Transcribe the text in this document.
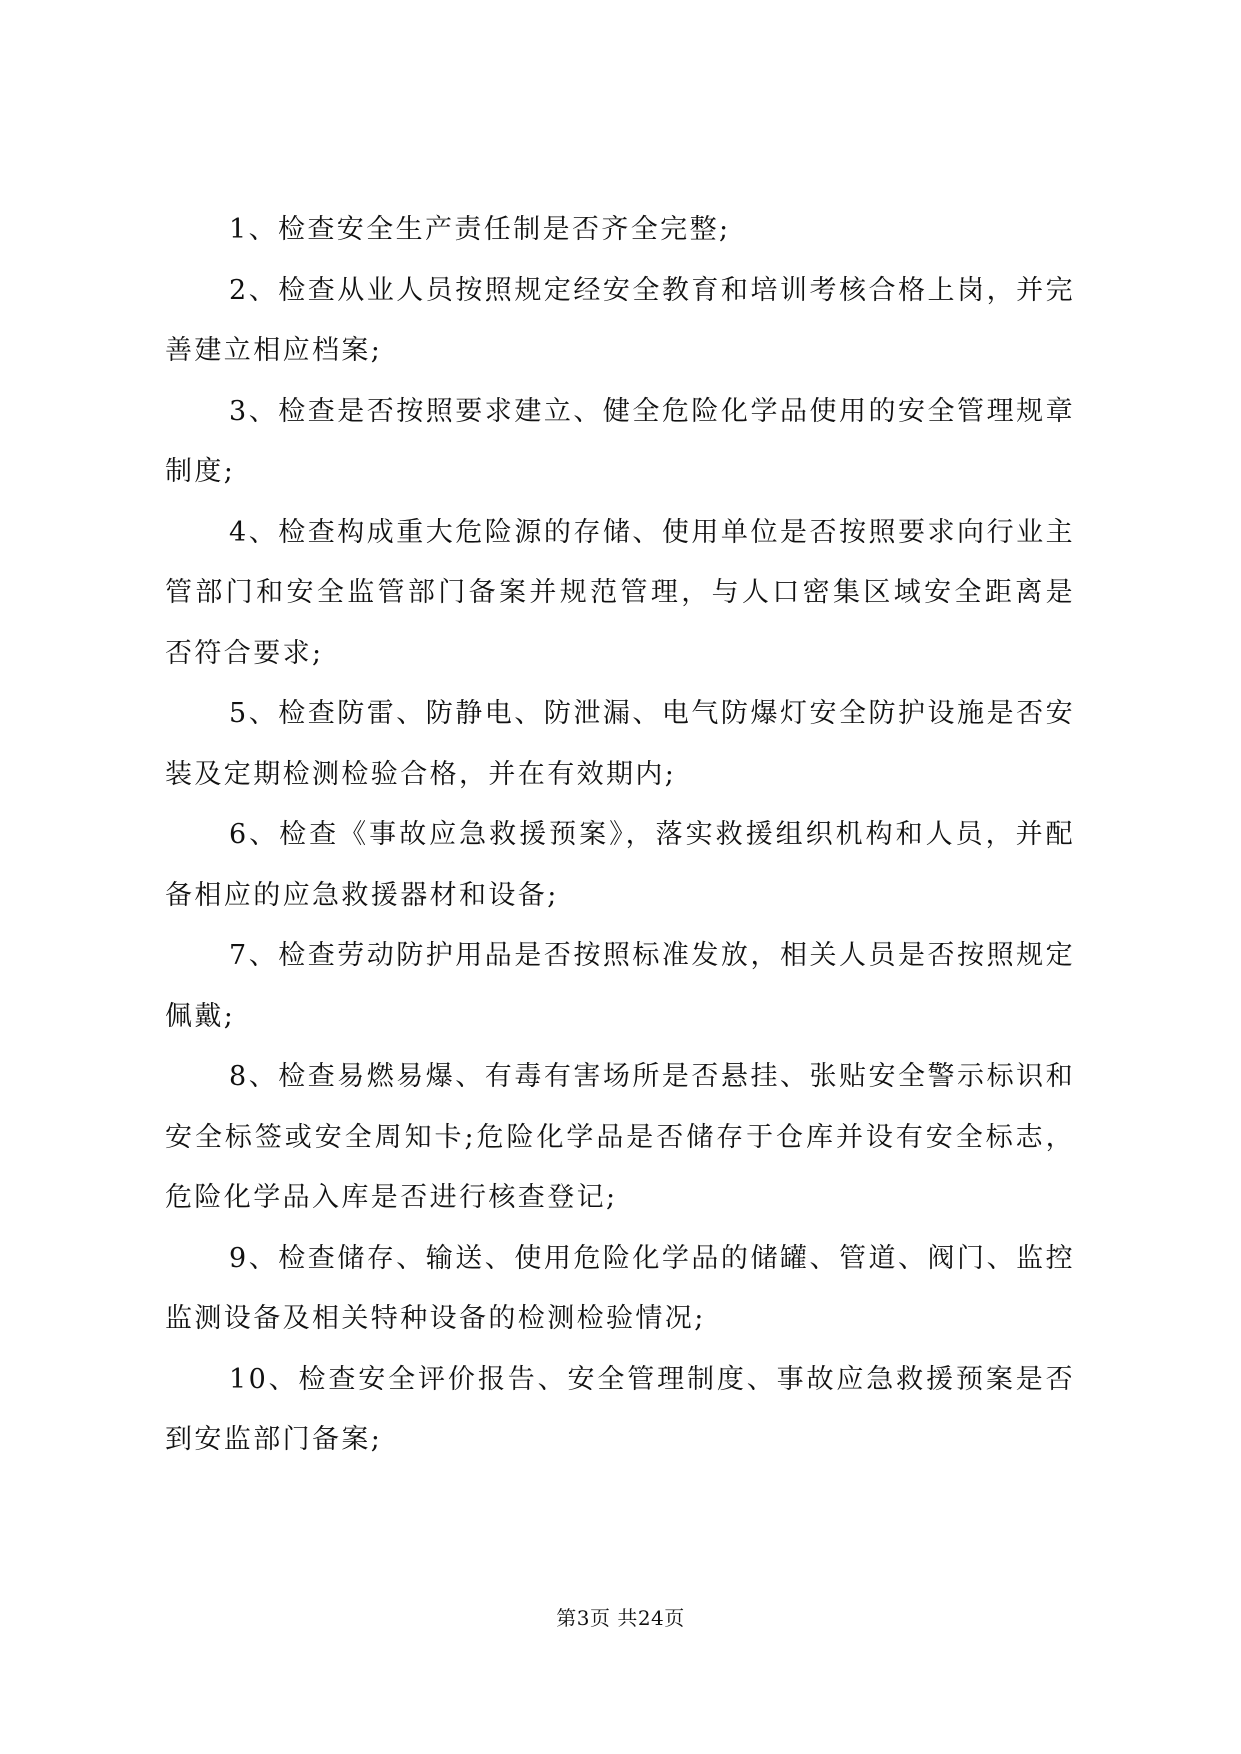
1、检查安全生产责任制是否齐全完整;

2、检查从业人员按照规定经安全教育和培训考核合格上岗，并完善建立相应档案;

3、检查是否按照要求建立、健全危险化学品使用的安全管理规章制度;

4、检查构成重大危险源的存储、使用单位是否按照要求向行业主管部门和安全监管部门备案并规范管理，与人口密集区域安全距离是否符合要求;

5、检查防雷、防静电、防泄漏、电气防爆灯安全防护设施是否安装及定期检测检验合格，并在有效期内;

6、检查《事故应急救援预案》，落实救援组织机构和人员，并配备相应的应急救援器材和设备;

7、检查劳动防护用品是否按照标准发放，相关人员是否按照规定佩戴;

8、检查易燃易爆、有毒有害场所是否悬挂、张贴安全警示标识和安全标签或安全周知卡;危险化学品是否储存于仓库并设有安全标志，危险化学品入库是否进行核查登记;

9、检查储存、输送、使用危险化学品的储罐、管道、阀门、监控监测设备及相关特种设备的检测检验情况;

10、检查安全评价报告、安全管理制度、事故应急救援预案是否到安监部门备案;

第3页 共24页
